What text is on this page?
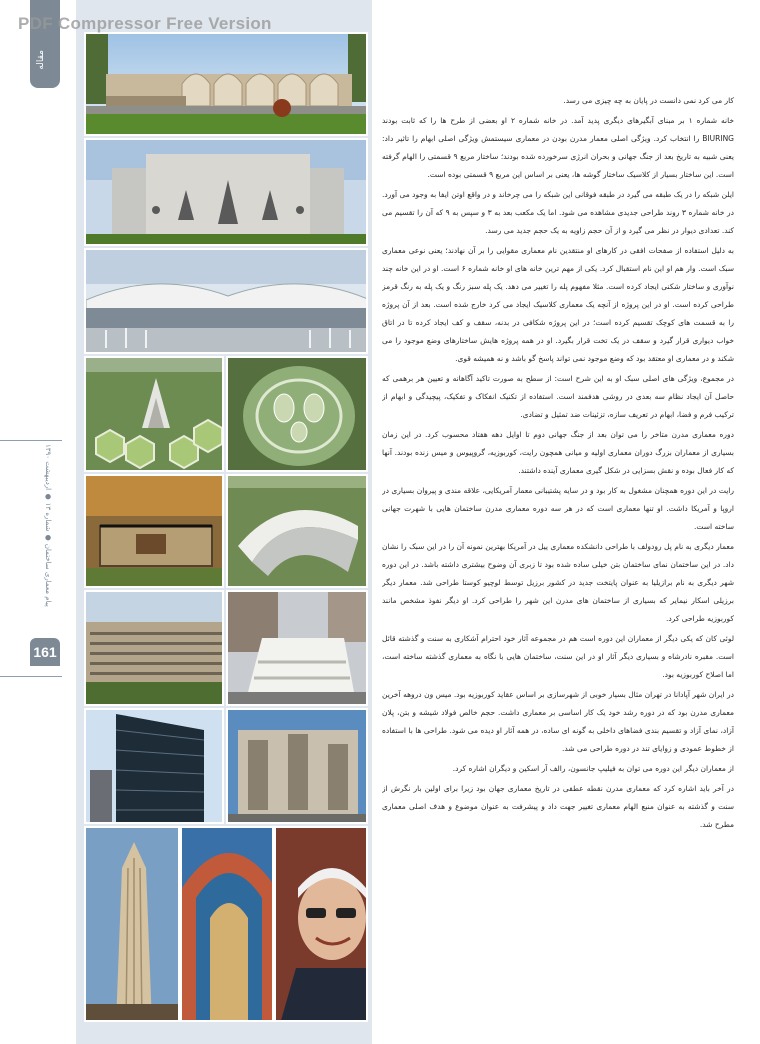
PDF Compressor Free Version
مقاله
پیام معماری ساختمان ● شماره ۱۳ ● اردیبهشت ۱۳۹۰
161

کار می کرد نمی دانست در پایان به چه چیزی می رسد.

خانه شماره ۱ بر مبنای آبگیرهای دیگری پدید آمد. در خانه شماره ۲ او بعضی از طرح ها را که ثابت بودند BIURING را انتخاب کرد. ویژگی اصلی معمار مدرن بودن در معماری سیستمش ویژگی اصلی ابهام را تاثیر داد: یعنی شبیه به تاریخ بعد از جنگ جهانی و بحران انرژی سرخورده شده بودند؛ ساختار مربع ۹ قسمتی را الهام گرفته است. این ساختار بسیار از کلاسیک ساختار گوشه ها، یعنی بر اساس این مربع ۹ قسمتی بوده است.

ایلن شبکه را در یک طبقه می گیرد در طبقه فوقانی این شبکه را می چرخاند و در واقع اوتن ایفا به وجود می آورد. در خانه شماره ۳ روند طراحی جدیدی مشاهده می شود. اما یک مکعب بعد به ۳ و سپس به ۹ که آن را تقسیم می کند. تعدادی دیوار در نظر می گیرد و از آن حجم زاویه به یک حجم جدید می رسد.

به دلیل استفاده از صفحات افقی در کارهای او منتقدین نام معماری مقوایی را بر آن نهادند؛ یعنی نوعی معماری سبک است. وار هم او این نام استقبال کرد. یکی از مهم ترین خانه های او خانه شماره ۶ است. او در این خانه چند نوآوری و ساختار شکنی ایجاد کرده است. مثلا مفهوم پله را تغییر می دهد. یک پله سبز رنگ و یک پله به رنگ قرمز طراحی کرده است. او در این پروژه از آنچه یک معماری کلاسیک ایجاد می کرد خارج شده است. بعد از آن پروژه را به قسمت های کوچک تقسیم کرده است؛ در این پروژه شکافی در بدنه، سقف و کف ایجاد کرده تا در اتاق خواب دیواری قرار گیرد و سقف در یک تخت قرار بگیرد. او در همه پروژه هایش ساختارهای وضع موجود را می شکند و در معماری او معتقد بود که وضع موجود نمی تواند پاسخ گو باشد و نه همیشه قوی.

در مجموع، ویژگی های اصلی سبک او به این شرح است: از سطح به صورت تاکید آگاهانه و تعیین هر برهمی که حاصل آن ایجاد نظام سه بعدی در روشی هدفمند است. استفاده از تکنیک انفکاک و تفکیک، پیچیدگی و ابهام از ترکیب فرم و فضا، ابهام در تعریف سازه، تزئینات ضد تمثیل و تضادی.

دوره معماری مدرن متاخر را می توان بعد از جنگ جهانی دوم تا اوایل دهه هفتاد محسوب کرد. در این زمان بسیاری از معماران بزرگ دوران معماری اولیه و میانی همچون رایت، کوربوزیه، گروپیوس و میس زنده بودند. آنها که کار فعال بوده و نقش بسزایی در شکل گیری معماری آینده داشتند.

رایت در این دوره همچنان مشغول به کار بود و در سایه پشتیبانی معمار آمریکایی، علاقه مندی و پیروان بسیاری در اروپا و آمریکا داشت. او تنها معماری است که در هر سه دوره معماری مدرن ساختمان هایی با شهرت جهانی ساخته است.

معمار دیگری به نام پل رودولف با طراحی دانشکده معماری ییل در آمریکا بهترین نمونه آن را در این سبک را نشان داد. در این ساختمان نمای ساختمان بتن خیلی ساده شده بود تا زبری آن وضوح بیشتری داشته باشد. در این دوره شهر دیگری به نام برازیلیا به عنوان پایتخت جدید در کشور برزیل توسط لوچیو کوستا طراحی شد. معمار دیگر برزیلی اسکار نیمایر که بسیاری از ساختمان های مدرن این شهر را طراحی کرد. او دیگر نفوذ مشخص مانند کوربوزیه طراحی کرد.

لوئی کان که یکی دیگر از معماران این دوره است هم در مجموعه آثار خود احترام آشکاری به سنت و گذشته قائل است. مقبره نادرشاه و بسیاری دیگر آثار او در این سنت، ساختمان هایی با نگاه به معماری گذشته ساخته است، اما اصلاح کوربوزیه بود.

در ایران شهر آپادانا در تهران مثال بسیار خوبی از شهرسازی بر اساس عقاید کوربوزیه بود. میس ون دروهه آخرین معماری مدرن بود که در دوره رشد خود یک کار اساسی بر معماری داشت. حجم خالص فولاد شیشه و بتن، پلان آزاد، نمای آزاد و تقسیم بندی فضاهای داخلی به گونه ای ساده، در همه آثار او دیده می شود. طراحی ها با استفاده از خطوط عمودی و زوایای تند در دوره طراحی می شد.

از معماران دیگر این دوره می توان به فیلیپ جانسون، رالف آر اسکین و دیگران اشاره کرد.

در آخر باید اشاره کرد که معماری مدرن نقطه عطفی در تاریخ معماری جهان بود زیرا برای اولین بار نگرش از سنت و گذشته به عنوان منبع الهام معماری تغییر جهت داد و پیشرفت به عنوان موضوع و هدف اصلی معماری مطرح شد.
